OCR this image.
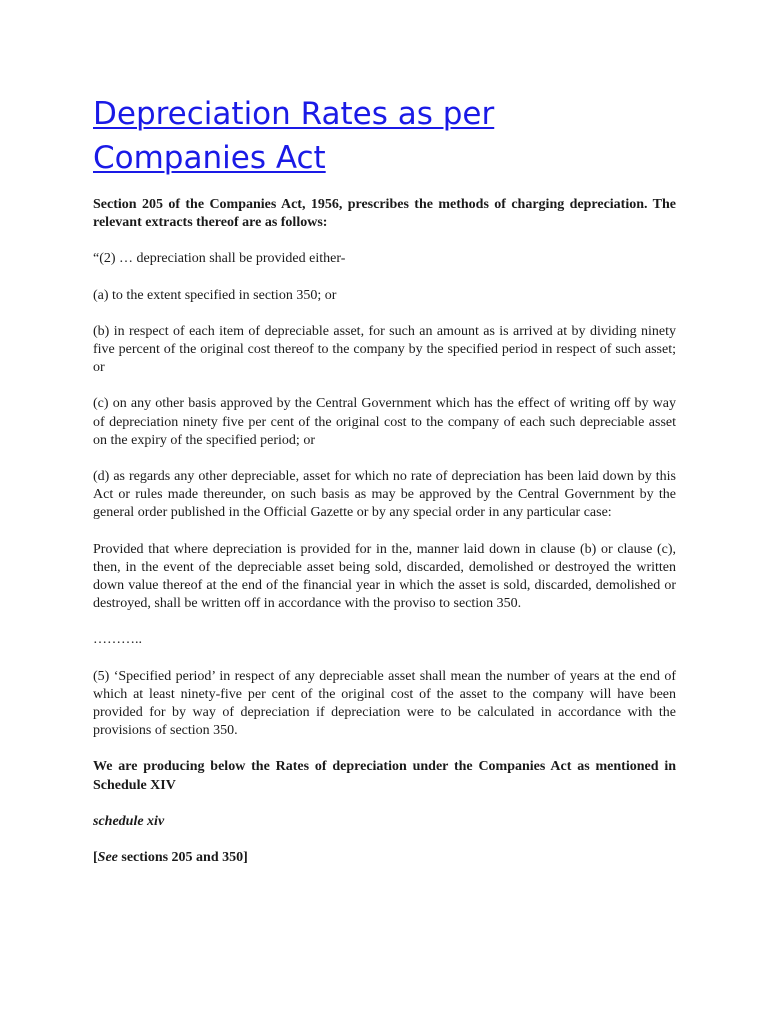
Depreciation Rates as per Companies Act

Section 205 of the Companies Act, 1956, prescribes the methods of charging depreciation. The relevant extracts thereof are as follows:

“(2) … depreciation shall be provided either-

(a) to the extent specified in section 350; or

(b) in respect of each item of depreciable asset, for such an amount as is arrived at by dividing ninety five percent of the original cost thereof to the company by the specified period in respect of such asset; or

(c) on any other basis approved by the Central Government which has the effect of writing off by way of depreciation ninety five per cent of the original cost to the company of each such depreciable asset on the expiry of the specified period; or

(d) as regards any other depreciable, asset for which no rate of depreciation has been laid down by this Act or rules made thereunder, on such basis as may be approved by the Central Government by the general order published in the Official Gazette or by any special order in any particular case:

Provided that where depreciation is provided for in the, manner laid down in clause (b) or clause (c), then, in the event of the depreciable asset being sold, discarded, demolished or destroyed the written down value thereof at the end of the financial year in which the asset is sold, discarded, demolished or destroyed, shall be written off in accordance with the proviso to section 350.

………..

(5) ‘Specified period’ in respect of any depreciable asset shall mean the number of years at the end of which at least ninety-five per cent of the original cost of the asset to the company will have been provided for by way of depreciation if depreciation were to be calculated in accordance with the provisions of section 350.

We are producing below the Rates of depreciation under the Companies Act as mentioned in Schedule XIV

schedule xiv

[See sections 205 and 350]
